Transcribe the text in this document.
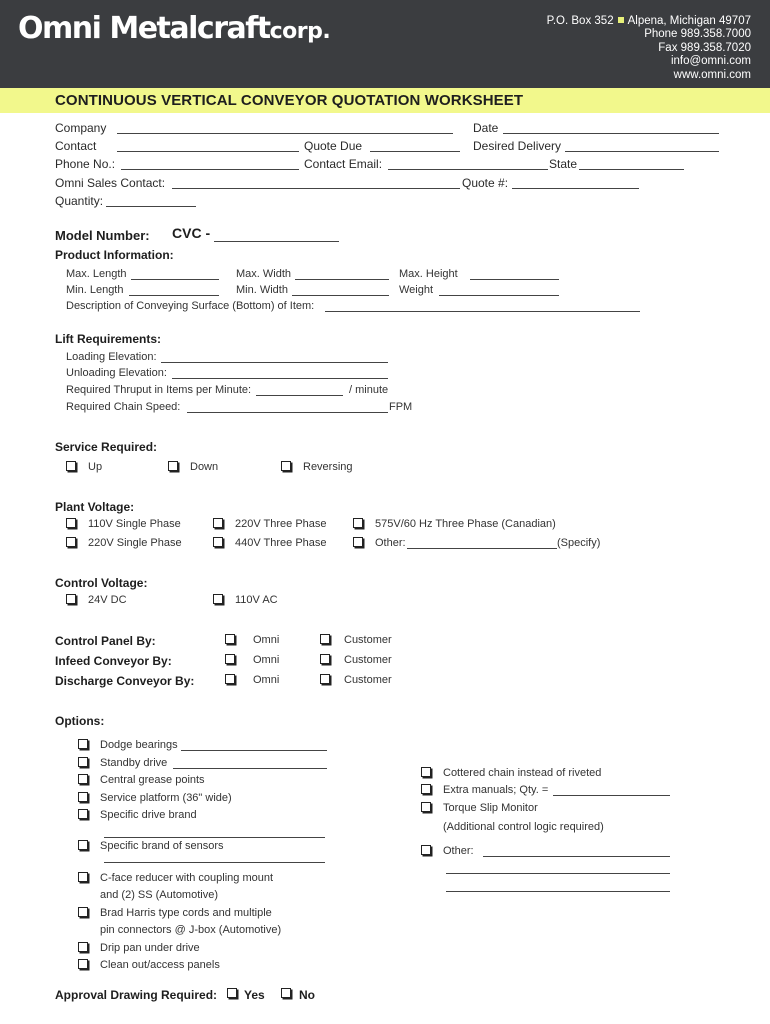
Omni Metalcraftcorp.	P.O. Box 352 Alpena, Michigan 49707
Phone 989.358.7000
Fax 989.358.7020
info@omni.com
www.omni.com
CONTINUOUS VERTICAL CONVEYOR QUOTATION WORKSHEET
Company	Date
Contact	Quote Due	Desired Delivery
Phone No.:	Contact Email:	State
Omni Sales Contact:	Quote #:
Quantity:
Model Number: CVC -
Product Information:
Max. Length	Max. Width	Max. Height
Min. Length	Min. Width	Weight
Description of Conveying Surface (Bottom) of Item:
Lift Requirements:
Loading Elevation:
Unloading Elevation:
Required Thruput in Items per Minute:	/ minute
Required Chain Speed:	FPM
Service Required:
Up	Down	Reversing
Plant Voltage:
110V Single Phase	220V Three Phase	575V/60 Hz Three Phase (Canadian)
220V Single Phase	440V Three Phase	Other:	(Specify)
Control Voltage:
24V DC	110V AC
Control Panel By:	Omni	Customer
Infeed Conveyor By:	Omni	Customer
Discharge Conveyor By:	Omni	Customer
Options:
Dodge bearings
Standby drive
Central grease points
Service platform (36" wide)
Specific drive brand
Specific brand of sensors
C-face reducer with coupling mount
and (2) SS (Automotive)
Brad Harris type cords and multiple
pin connectors @ J-box (Automotive)
Drip pan under drive
Clean out/access panels
Cottered chain instead of riveted
Extra manuals; Qty. =
Torque Slip Monitor
(Additional control logic required)
Other:
Approval Drawing Required: Yes	No
